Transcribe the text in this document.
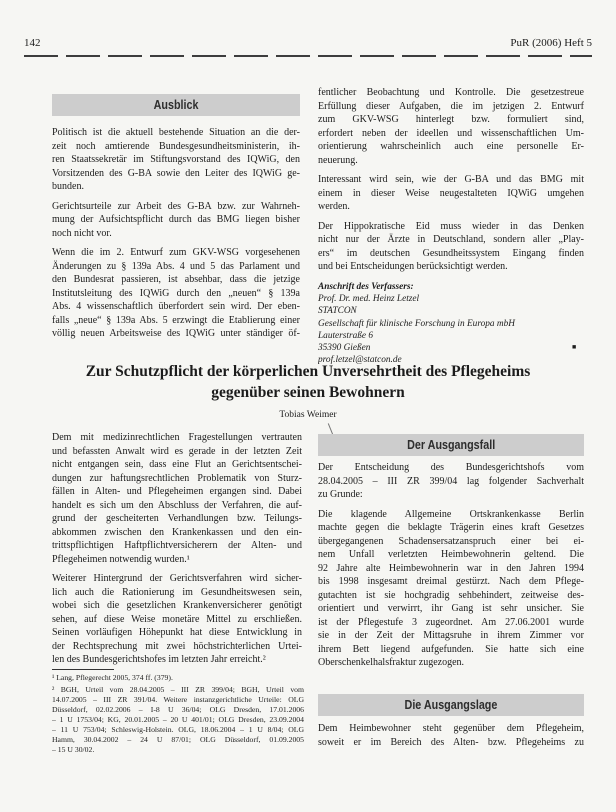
142	PuR (2006) Heft 5
Ausblick
Politisch ist die aktuell bestehende Situation an die der-
zeit noch amtierende Bundesgesundheitsministerin, ih-
ren Staatssekretär im Stiftungsvorstand des IQWiG, den
Vorsitzenden des G-BA sowie den Leiter des IQWiG ge-
bunden.
Gerichtsurteile zur Arbeit des G-BA bzw. zur Wahrneh-
mung der Aufsichtspflicht durch das BMG liegen bisher
noch nicht vor.
Wenn die im 2. Entwurf zum GKV-WSG vorgesehenen
Änderungen zu § 139a Abs. 4 und 5 das Parlament und
den Bundesrat passieren, ist absehbar, dass die jetzige
Institutsleitung des IQWiG durch den „neuen“ § 139a
Abs. 4 wissenschaftlich überfordert sein wird. Der eben-
falls „neue“ § 139a Abs. 5 erzwingt die Etablierung einer
völlig neuen Arbeitsweise des IQWiG unter ständiger öf-
fentlicher Beobachtung und Kontrolle. Die gesetzestreue
Erfüllung dieser Aufgaben, die im jetzigen 2. Entwurf
zum GKV-WSG hinterlegt bzw. formuliert sind,
erfordert neben der ideellen und wissenschaftlichen Um-
orientierung wahrscheinlich auch eine personelle Er-
neuerung.
Interessant wird sein, wie der G-BA und das BMG mit
einem in dieser Weise neugestalteten IQWiG umgehen
werden.
Der Hippokratische Eid muss wieder in das Denken
nicht nur der Ärzte in Deutschland, sondern aller „Play-
ers“ im deutschen Gesundheitssystem Eingang finden
und bei Entscheidungen berücksichtigt werden.
Anschrift des Verfassers:
Prof. Dr. med. Heinz Letzel
STATCON
Gesellschaft für klinische Forschung in Europa mbH
Lauterstraße 6
35390 Gießen
prof.letzel@statcon.de
■
Zur Schutzpflicht der körperlichen Unversehrtheit des Pflegeheims
gegenüber seinen Bewohnern
Tobias Weimer
Dem mit medizinrechtlichen Fragestellungen vertrauten
und befassten Anwalt wird es gerade in der letzten Zeit
nicht entgangen sein, dass eine Flut an Gerichtsentschei-
dungen zur haftungsrechtlichen Problematik von Sturz-
fällen in Alten- und Pflegeheimen ergangen sind. Dabei
handelt es sich um den Abschluss der Verfahren, die auf-
grund der gescheiterten Verhandlungen bzw. Teilungs-
abkommen zwischen den Krankenkassen und den ein-
trittspflichtigen Haftpflichtversicherern der Alten- und
Pflegeheimen notwendig wurden.¹
Weiterer Hintergrund der Gerichtsverfahren wird sicher-
lich auch die Rationierung im Gesundheitswesen sein,
wobei sich die gesetzlichen Krankenversicherer genötigt
sehen, auf diese Weise monetäre Mittel zu erschließen.
Seinen vorläufigen Höhepunkt hat diese Entwicklung in
der Rechtsprechung mit zwei höchstrichterlichen Urtei-
len des Bundesgerichtshofes im letzten Jahr erreicht.²
¹ Lang, Pflegerecht 2005, 374 ff. (379).
² BGH, Urteil vom 28.04.2005 – III ZR 399/04; BGH, Urteil vom
14.07.2005 – III ZR 391/04. Weitere instanzgerichtliche Urteile: OLG
Düsseldorf, 02.02.2006 – I-8 U 36/04; OLG Dresden, 17.01.2006
– 1 U 1753/04; KG, 20.01.2005 – 20 U 401/01; OLG Dresden, 23.09.2004
– 11 U 753/04; Schleswig-Holstein. OLG, 18.06.2004 – 1 U 8/04; OLG
Hamm, 30.04.2002 – 24 U 87/01; OLG Düsseldorf, 01.09.2005
– 15 U 30/02.
Der Ausgangsfall
Der Entscheidung des Bundesgerichtshofs vom
28.04.2005 – III ZR 399/04 lag folgender Sachverhalt
zu Grunde:
Die klagende Allgemeine Ortskrankenkasse Berlin
machte gegen die beklagte Trägerin eines kraft Gesetzes
übergegangenen Schadensersatzanspruch einer bei ei-
nem Unfall verletzten Heimbewohnerin geltend. Die
92 Jahre alte Heimbewohnerin war in den Jahren 1994
bis 1998 insgesamt dreimal gestürzt. Nach dem Pflege-
gutachten ist sie hochgradig sehbehindert, zeitweise des-
orientiert und verwirrt, ihr Gang ist sehr unsicher. Sie
ist der Pflegestufe 3 zugeordnet. Am 27.06.2001 wurde
sie in der Zeit der Mittagsruhe in ihrem Zimmer vor
ihrem Bett liegend aufgefunden. Sie hatte sich eine
Oberschenkelhalsfraktur zugezogen.
Die Ausgangslage
Dem Heimbewohner steht gegenüber dem Pflegeheim,
soweit er im Bereich des Alten- bzw. Pflegeheims zu
